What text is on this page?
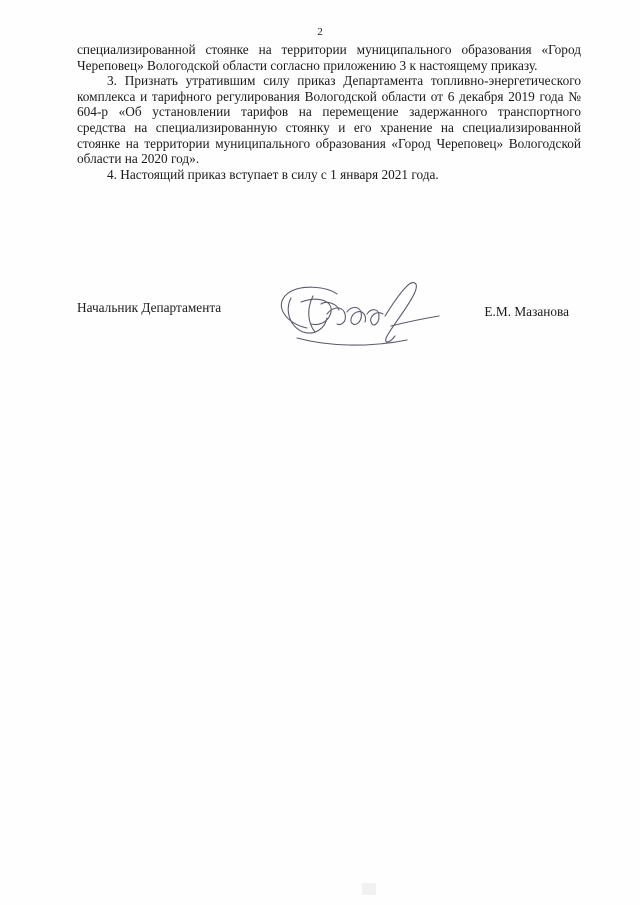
2

специализированной стоянке на территории муниципального образования «Город Череповец» Вологодской области согласно приложению 3 к настоящему приказу.

3. Признать утратившим силу приказ Департамента топливно-энергетического комплекса и тарифного регулирования Вологодской области от 6 декабря 2019 года № 604-р «Об установлении тарифов на перемещение задержанного транспортного средства на специализированную стоянку и его хранение на специализированной стоянке на территории муниципального образования «Город Череповец» Вологодской области на 2020 год».

4. Настоящий приказ вступает в силу с 1 января 2021 года.

Начальник Департамента	Е.М. Мазанова
